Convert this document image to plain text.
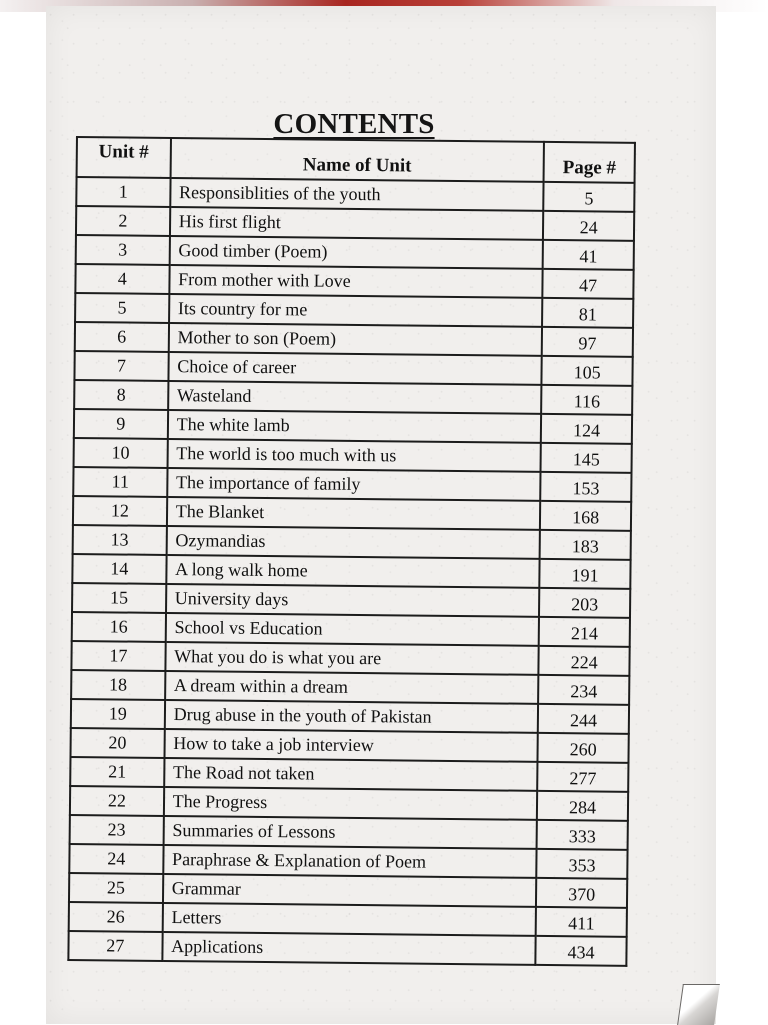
CONTENTS
Unit #	Name of Unit	Page #
1	Responsiblities of the youth	5
2	His first flight	24
3	Good timber (Poem)	41
4	From mother with Love	47
5	Its country for me	81
6	Mother to son (Poem)	97
7	Choice of career	105
8	Wasteland	116
9	The white lamb	124
10	The world is too much with us	145
11	The importance of family	153
12	The Blanket	168
13	Ozymandias	183
14	A long walk home	191
15	University days	203
16	School vs Education	214
17	What you do is what you are	224
18	A dream within a dream	234
19	Drug abuse in the youth of Pakistan	244
20	How to take a job interview	260
21	The Road not taken	277
22	The Progress	284
23	Summaries of Lessons	333
24	Paraphrase & Explanation of Poem	353
25	Grammar	370
26	Letters	411
27	Applications	434
